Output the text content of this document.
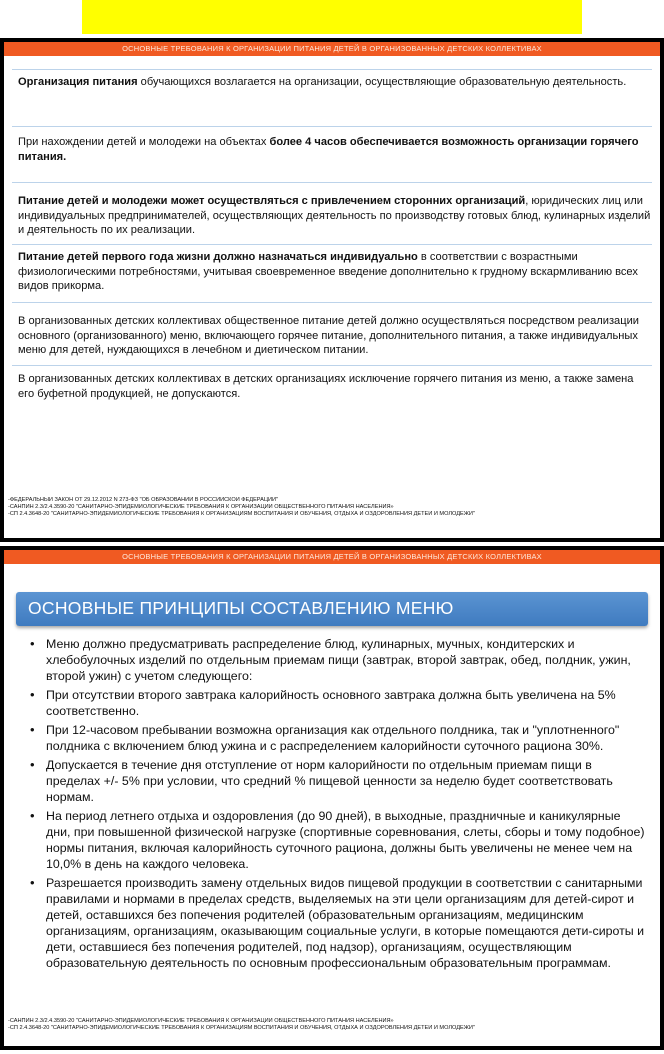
ОСНОВНЫЕ ТРЕБОВАНИЯ К ОРГАНИЗАЦИИ ПИТАНИЯ ДЕТЕЙ В ОРГАНИЗОВАННЫХ ДЕТСКИХ КОЛЛЕКТИВАХ
Организация питания обучающихся возлагается на организации, осуществляющие образовательную деятельность.
При нахождении детей и молодежи на объектах более 4 часов обеспечивается возможность организации горячего питания.
Питание детей и молодежи может осуществляться с привлечением сторонних организаций, юридических лиц или индивидуальных предпринимателей, осуществляющих деятельность по производству готовых блюд, кулинарных изделий и деятельность по их реализации.
Питание детей первого года жизни должно назначаться индивидуально в соответствии с возрастными физиологическими потребностями, учитывая своевременное введение дополнительно к грудному вскармливанию всех видов прикорма.
В организованных детских коллективах общественное питание детей должно осуществляться посредством реализации основного (организованного) меню, включающего горячее питание, дополнительного питания, а также индивидуальных меню для детей, нуждающихся в лечебном и диетическом питании.
В организованных детских коллективах в детских организациях исключение горячего питания из меню, а также замена его буфетной продукцией, не допускаются.
-ФЕДЕРАЛЬНЫЙ ЗАКОН ОТ 29.12.2012 N 273-ФЗ "ОБ ОБРАЗОВАНИИ В РОССИЙСКОЙ ФЕДЕРАЦИИ"
-САНПИН 2.3/2.4.3590-20 "САНИТАРНО-ЭПИДЕМИОЛОГИЧЕСКИЕ ТРЕБОВАНИЯ К ОРГАНИЗАЦИИ ОБЩЕСТВЕННОГО ПИТАНИЯ НАСЕЛЕНИЯ»
-СП 2.4.3648-20 "САНИТАРНО-ЭПИДЕМИОЛОГИЧЕСКИЕ ТРЕБОВАНИЯ К ОРГАНИЗАЦИЯМ ВОСПИТАНИЯ И ОБУЧЕНИЯ, ОТДЫХА И ОЗДОРОВЛЕНИЯ ДЕТЕЙ И МОЛОДЕЖИ"
ОСНОВНЫЕ ТРЕБОВАНИЯ К ОРГАНИЗАЦИИ ПИТАНИЯ ДЕТЕЙ В ОРГАНИЗОВАННЫХ ДЕТСКИХ КОЛЛЕКТИВАХ
ОСНОВНЫЕ ПРИНЦИПЫ СОСТАВЛЕНИЮ МЕНЮ
• Меню должно предусматривать распределение блюд, кулинарных, мучных, кондитерских и хлебобулочных изделий по отдельным приемам пищи (завтрак, второй завтрак, обед, полдник, ужин, второй ужин) с учетом следующего:
• При отсутствии второго завтрака калорийность основного завтрака должна быть увеличена на 5% соответственно.
• При 12-часовом пребывании возможна организация как отдельного полдника, так и "уплотненного" полдника с включением блюд ужина и с распределением калорийности суточного рациона 30%.
• Допускается в течение дня отступление от норм калорийности по отдельным приемам пищи в пределах +/- 5% при условии, что средний % пищевой ценности за неделю будет соответствовать нормам.
• На период летнего отдыха и оздоровления (до 90 дней), в выходные, праздничные и каникулярные дни, при повышенной физической нагрузке (спортивные соревнования, слеты, сборы и тому подобное) нормы питания, включая калорийность суточного рациона, должны быть увеличены не менее чем на 10,0% в день на каждого человека.
• Разрешается производить замену отдельных видов пищевой продукции в соответствии с санитарными правилами и нормами в пределах средств, выделяемых на эти цели организациям для детей-сирот и детей, оставшихся без попечения родителей (образовательным организациям, медицинским организациям, организациям, оказывающим социальные услуги, в которые помещаются дети-сироты и дети, оставшиеся без попечения родителей, под надзор), организациям, осуществляющим образовательную деятельность по основным профессиональным образовательным программам.
-САНПИН 2.3/2.4.3590-20 "САНИТАРНО-ЭПИДЕМИОЛОГИЧЕСКИЕ ТРЕБОВАНИЯ К ОРГАНИЗАЦИИ ОБЩЕСТВЕННОГО ПИТАНИЯ НАСЕЛЕНИЯ»
-СП 2.4.3648-20 "САНИТАРНО-ЭПИДЕМИОЛОГИЧЕСКИЕ ТРЕБОВАНИЯ К ОРГАНИЗАЦИЯМ ВОСПИТАНИЯ И ОБУЧЕНИЯ, ОТДЫХА И ОЗДОРОВЛЕНИЯ ДЕТЕЙ И МОЛОДЕЖИ"
